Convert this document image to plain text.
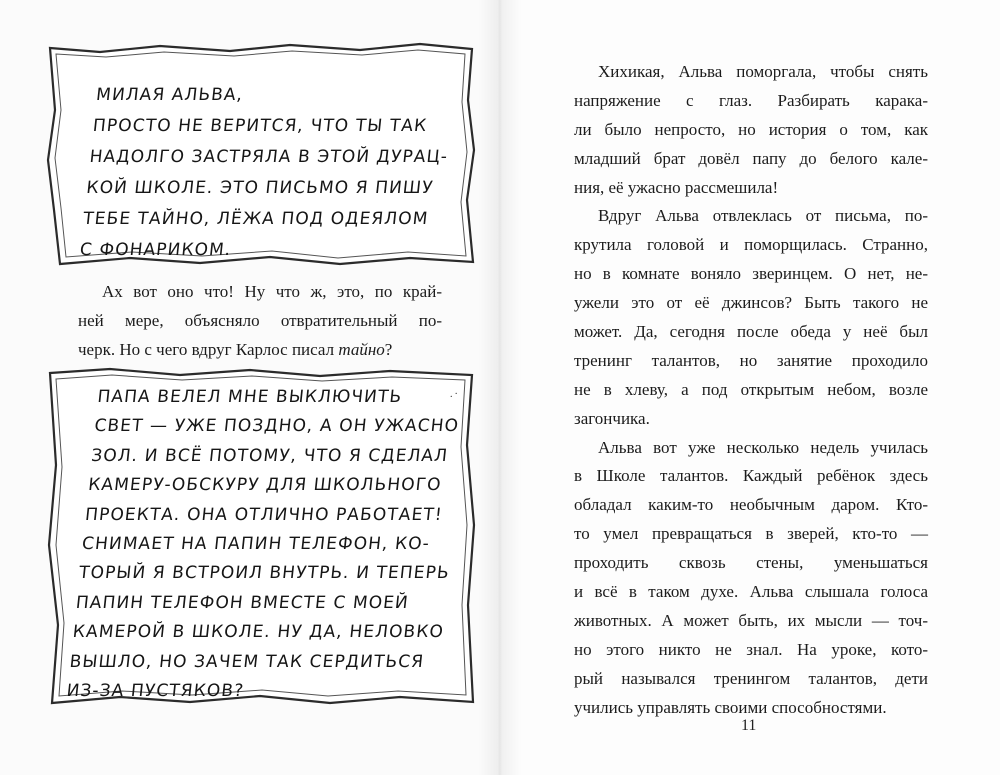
МИЛАЯ АЛЬВА,
ПРОСТО НЕ ВЕРИТСЯ, ЧТО ТЫ ТАК
НАДОЛГО ЗАСТРЯЛА В ЭТОЙ ДУРАЦ-
КОЙ ШКОЛЕ. ЭТО ПИСЬМО Я ПИШУ
ТЕБЕ ТАЙНО, ЛЁЖА ПОД ОДЕЯЛОМ
С ФОНАРИКОМ.
Ах вот оно что! Ну что ж, это, по край-
ней мере, объясняло отвратительный по-
черк. Но с чего вдруг Карлос писал тайно?
.·
ПАПА ВЕЛЕЛ МНЕ ВЫКЛЮЧИТЬ
СВЕТ — УЖЕ ПОЗДНО, А ОН УЖАСНО
ЗОЛ. И ВСЁ ПОТОМУ, ЧТО Я СДЕЛАЛ
КАМЕРУ-ОБСКУРУ ДЛЯ ШКОЛЬНОГО
ПРОЕКТА. ОНА ОТЛИЧНО РАБОТАЕТ!
СНИМАЕТ НА ПАПИН ТЕЛЕФОН, КО-
ТОРЫЙ Я ВСТРОИЛ ВНУТРЬ. И ТЕПЕРЬ
ПАПИН ТЕЛЕФОН ВМЕСТЕ С МОЕЙ
КАМЕРОЙ В ШКОЛЕ. НУ ДА, НЕЛОВКО
ВЫШЛО, НО ЗАЧЕМ ТАК СЕРДИТЬСЯ
ИЗ-ЗА ПУСТЯКОВ?
Хихикая, Альва поморгала, чтобы снять
напряжение с глаз. Разбирать карака-
ли было непросто, но история о том, как
младший брат довёл папу до белого кале-
ния, её ужасно рассмешила!
Вдруг Альва отвлеклась от письма, по-
крутила головой и поморщилась. Странно,
но в комнате воняло зверинцем. О нет, не-
ужели это от её джинсов? Быть такого не
может. Да, сегодня после обеда у неё был
тренинг талантов, но занятие проходило
не в хлеву, а под открытым небом, возле
загончика.
Альва вот уже несколько недель училась
в Школе талантов. Каждый ребёнок здесь
обладал каким-то необычным даром. Кто-
то умел превращаться в зверей, кто-то —
проходить сквозь стены, уменьшаться
и всё в таком духе. Альва слышала голоса
животных. А может быть, их мысли — точ-
но этого никто не знал. На уроке, кото-
рый назывался тренингом талантов, дети
учились управлять своими способностями.
11
